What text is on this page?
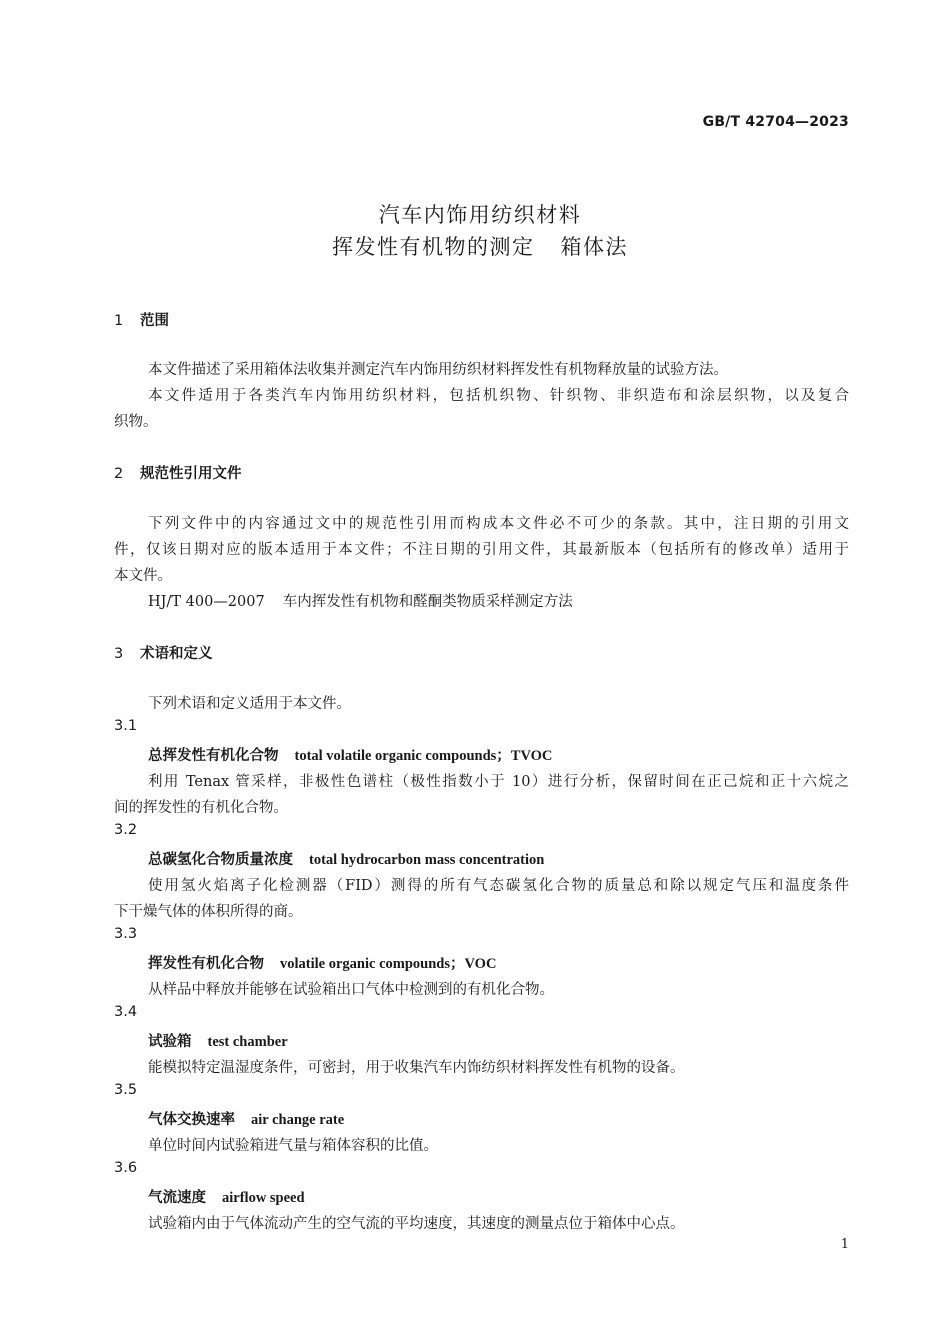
GB/T 42704—2023
汽车内饰用纺织材料
挥发性有机物的测定 箱体法
1 范围
本文件描述了采用箱体法收集并测定汽车内饰用纺织材料挥发性有机物释放量的试验方法。
本文件适用于各类汽车内饰用纺织材料，包括机织物、针织物、非织造布和涂层织物，以及复合
织物。
2 规范性引用文件
下列文件中的内容通过文中的规范性引用而构成本文件必不可少的条款。其中，注日期的引用文
件，仅该日期对应的版本适用于本文件；不注日期的引用文件，其最新版本（包括所有的修改单）适用于
本文件。
HJ/T 400—2007 车内挥发性有机物和醛酮类物质采样测定方法
3 术语和定义
下列术语和定义适用于本文件。
3.1
总挥发性有机化合物 total volatile organic compounds；TVOC
利用 Tenax 管采样，非极性色谱柱（极性指数小于 10）进行分析，保留时间在正己烷和正十六烷之
间的挥发性的有机化合物。
3.2
总碳氢化合物质量浓度 total hydrocarbon mass concentration
使用氢火焰离子化检测器（FID）测得的所有气态碳氢化合物的质量总和除以规定气压和温度条件
下干燥气体的体积所得的商。
3.3
挥发性有机化合物 volatile organic compounds；VOC
从样品中释放并能够在试验箱出口气体中检测到的有机化合物。
3.4
试验箱 test chamber
能模拟特定温湿度条件，可密封，用于收集汽车内饰纺织材料挥发性有机物的设备。
3.5
气体交换速率 air change rate
单位时间内试验箱进气量与箱体容积的比值。
3.6
气流速度 airflow speed
试验箱内由于气体流动产生的空气流的平均速度，其速度的测量点位于箱体中心点。
1
